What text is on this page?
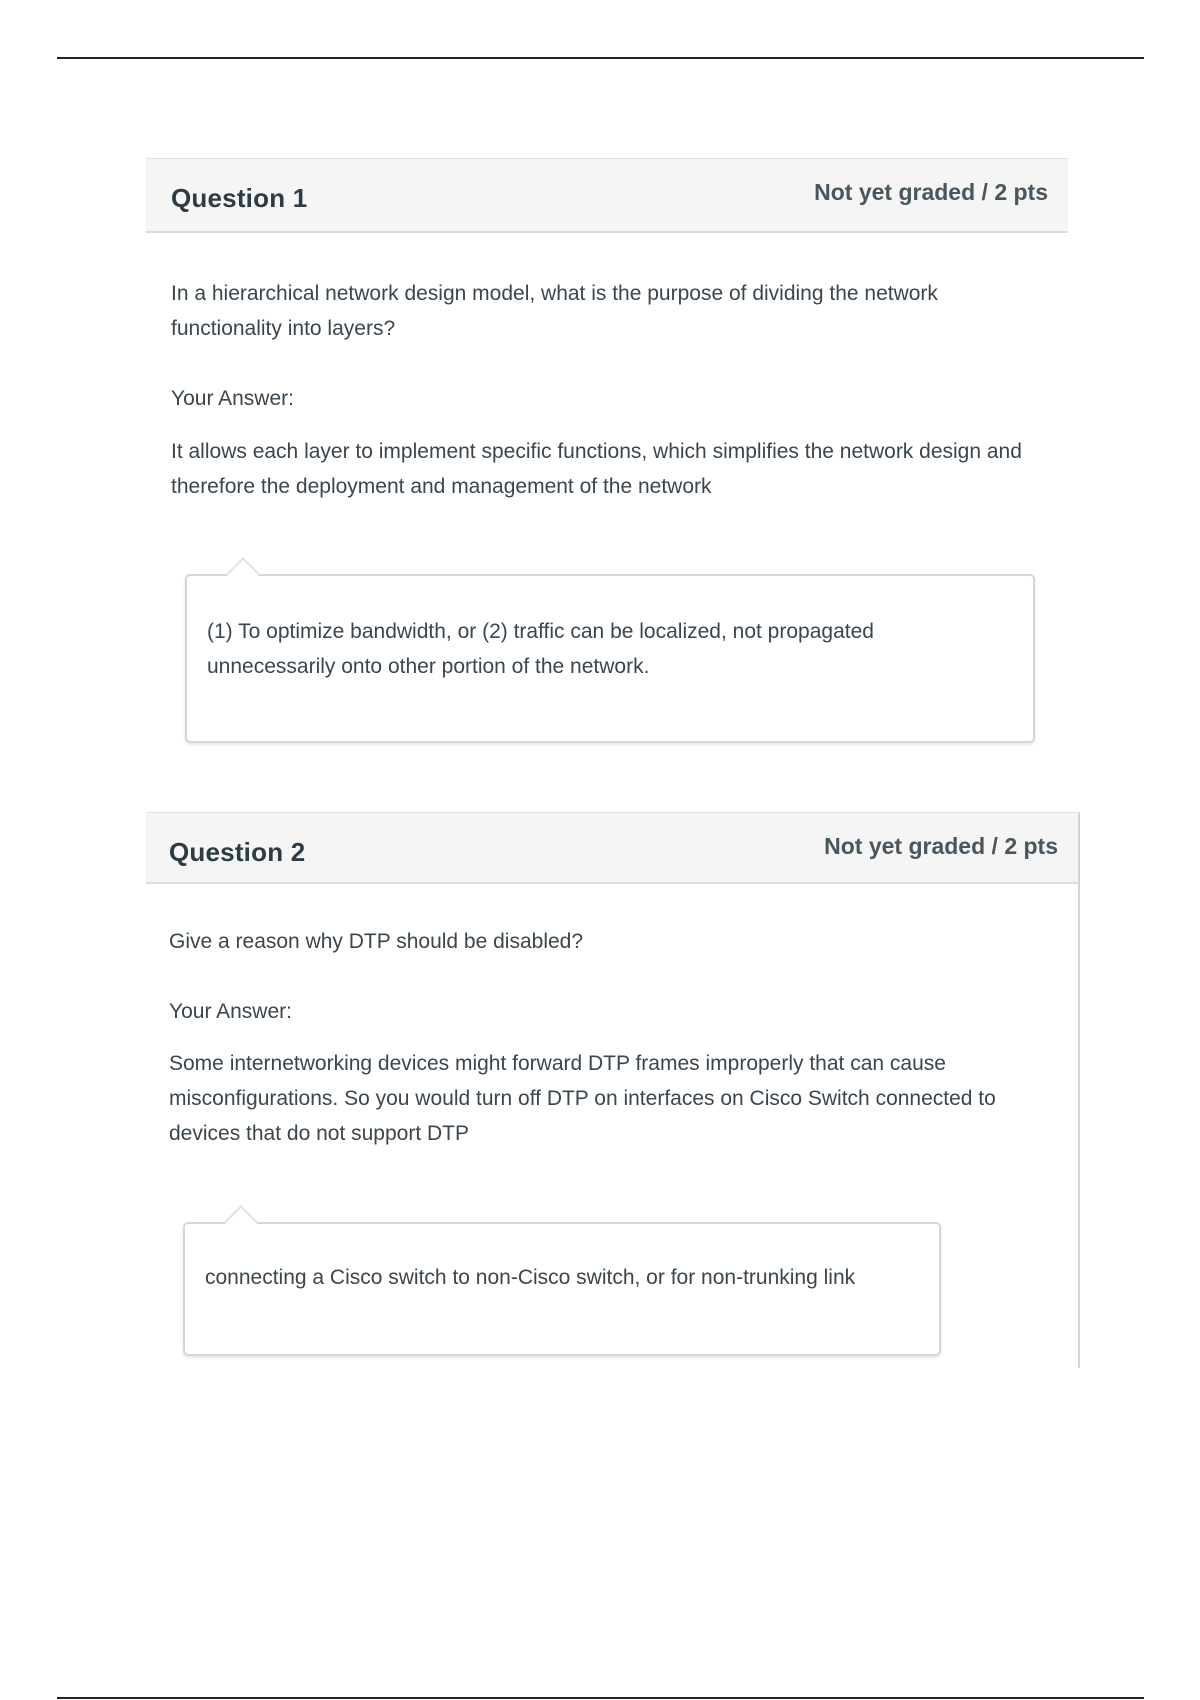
Question 1	Not yet graded / 2 pts
In a hierarchical network design model, what is the purpose of dividing the network functionality into layers?
Your Answer:
It allows each layer to implement specific functions, which simplifies the network design and therefore the deployment and management of the network
(1) To optimize bandwidth, or (2) traffic can be localized, not propagated unnecessarily onto other portion of the network.
Question 2	Not yet graded / 2 pts
Give a reason why DTP should be disabled?
Your Answer:
Some internetworking devices might forward DTP frames improperly that can cause misconfigurations. So you would turn off DTP on interfaces on Cisco Switch connected to devices that do not support DTP
connecting a Cisco switch to non-Cisco switch, or for non-trunking link
